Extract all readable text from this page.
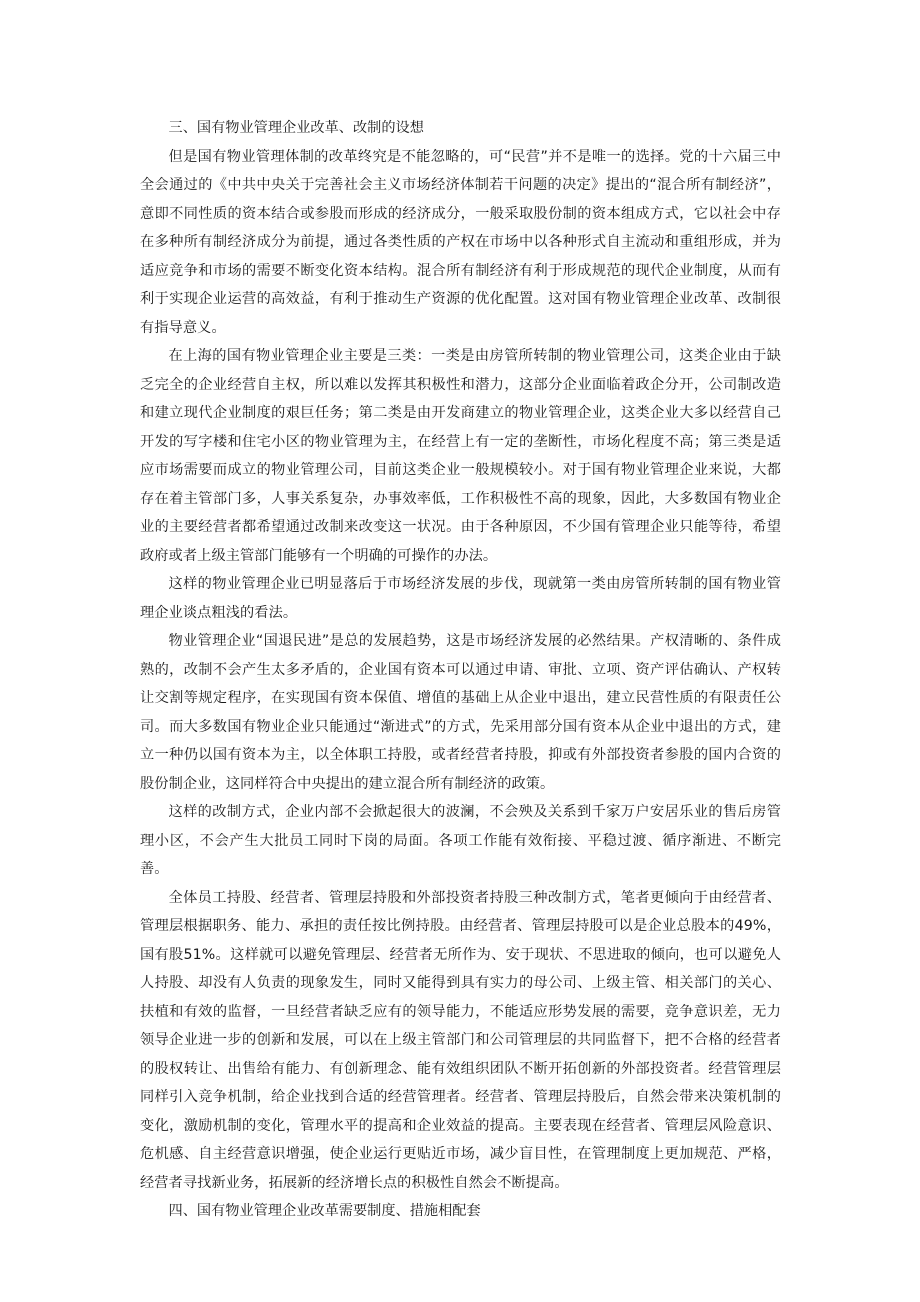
三、国有物业管理企业改革、改制的设想

但是国有物业管理体制的改革终究是不能忽略的，可“民营”并不是唯一的选择。党的十六届三中全会通过的《中共中央关于完善社会主义市场经济体制若干问题的决定》提出的“混合所有制经济”，意即不同性质的资本结合或参股而形成的经济成分，一般采取股份制的资本组成方式，它以社会中存在多种所有制经济成分为前提，通过各类性质的产权在市场中以各种形式自主流动和重组形成，并为适应竞争和市场的需要不断变化资本结构。混合所有制经济有利于形成规范的现代企业制度，从而有利于实现企业运营的高效益，有利于推动生产资源的优化配置。这对国有物业管理企业改革、改制很有指导意义。

在上海的国有物业管理企业主要是三类：一类是由房管所转制的物业管理公司，这类企业由于缺乏完全的企业经营自主权，所以难以发挥其积极性和潜力，这部分企业面临着政企分开，公司制改造和建立现代企业制度的艰巨任务；第二类是由开发商建立的物业管理企业，这类企业大多以经营自己开发的写字楼和住宅小区的物业管理为主，在经营上有一定的垄断性，市场化程度不高；第三类是适应市场需要而成立的物业管理公司，目前这类企业一般规模较小。对于国有物业管理企业来说，大都存在着主管部门多，人事关系复杂，办事效率低，工作积极性不高的现象，因此，大多数国有物业企业的主要经营者都希望通过改制来改变这一状况。由于各种原因，不少国有管理企业只能等待，希望政府或者上级主管部门能够有一个明确的可操作的办法。

这样的物业管理企业已明显落后于市场经济发展的步伐，现就第一类由房管所转制的国有物业管理企业谈点粗浅的看法。

物业管理企业“国退民进”是总的发展趋势，这是市场经济发展的必然结果。产权清晰的、条件成熟的，改制不会产生太多矛盾的，企业国有资本可以通过申请、审批、立项、资产评估确认、产权转让交割等规定程序，在实现国有资本保值、增值的基础上从企业中退出，建立民营性质的有限责任公司。而大多数国有物业企业只能通过“渐进式”的方式，先采用部分国有资本从企业中退出的方式，建立一种仍以国有资本为主，以全体职工持股，或者经营者持股，抑或有外部投资者参股的国内合资的股份制企业，这同样符合中央提出的建立混合所有制经济的政策。

这样的改制方式，企业内部不会掀起很大的波澜，不会殃及关系到千家万户安居乐业的售后房管理小区，不会产生大批员工同时下岗的局面。各项工作能有效衔接、平稳过渡、循序渐进、不断完善。

全体员工持股、经营者、管理层持股和外部投资者持股三种改制方式，笔者更倾向于由经营者、管理层根据职务、能力、承担的责任按比例持股。由经营者、管理层持股可以是企业总股本的49%，国有股51%。这样就可以避免管理层、经营者无所作为、安于现状、不思进取的倾向，也可以避免人人持股、却没有人负责的现象发生，同时又能得到具有实力的母公司、上级主管、相关部门的关心、扶植和有效的监督，一旦经营者缺乏应有的领导能力，不能适应形势发展的需要，竞争意识差，无力领导企业进一步的创新和发展，可以在上级主管部门和公司管理层的共同监督下，把不合格的经营者的股权转让、出售给有能力、有创新理念、能有效组织团队不断开拓创新的外部投资者。经营管理层同样引入竞争机制，给企业找到合适的经营管理者。经营者、管理层持股后，自然会带来决策机制的变化，激励机制的变化，管理水平的提高和企业效益的提高。主要表现在经营者、管理层风险意识、危机感、自主经营意识增强，使企业运行更贴近市场，减少盲目性，在管理制度上更加规范、严格，经营者寻找新业务，拓展新的经济增长点的积极性自然会不断提高。

四、国有物业管理企业改革需要制度、措施相配套
